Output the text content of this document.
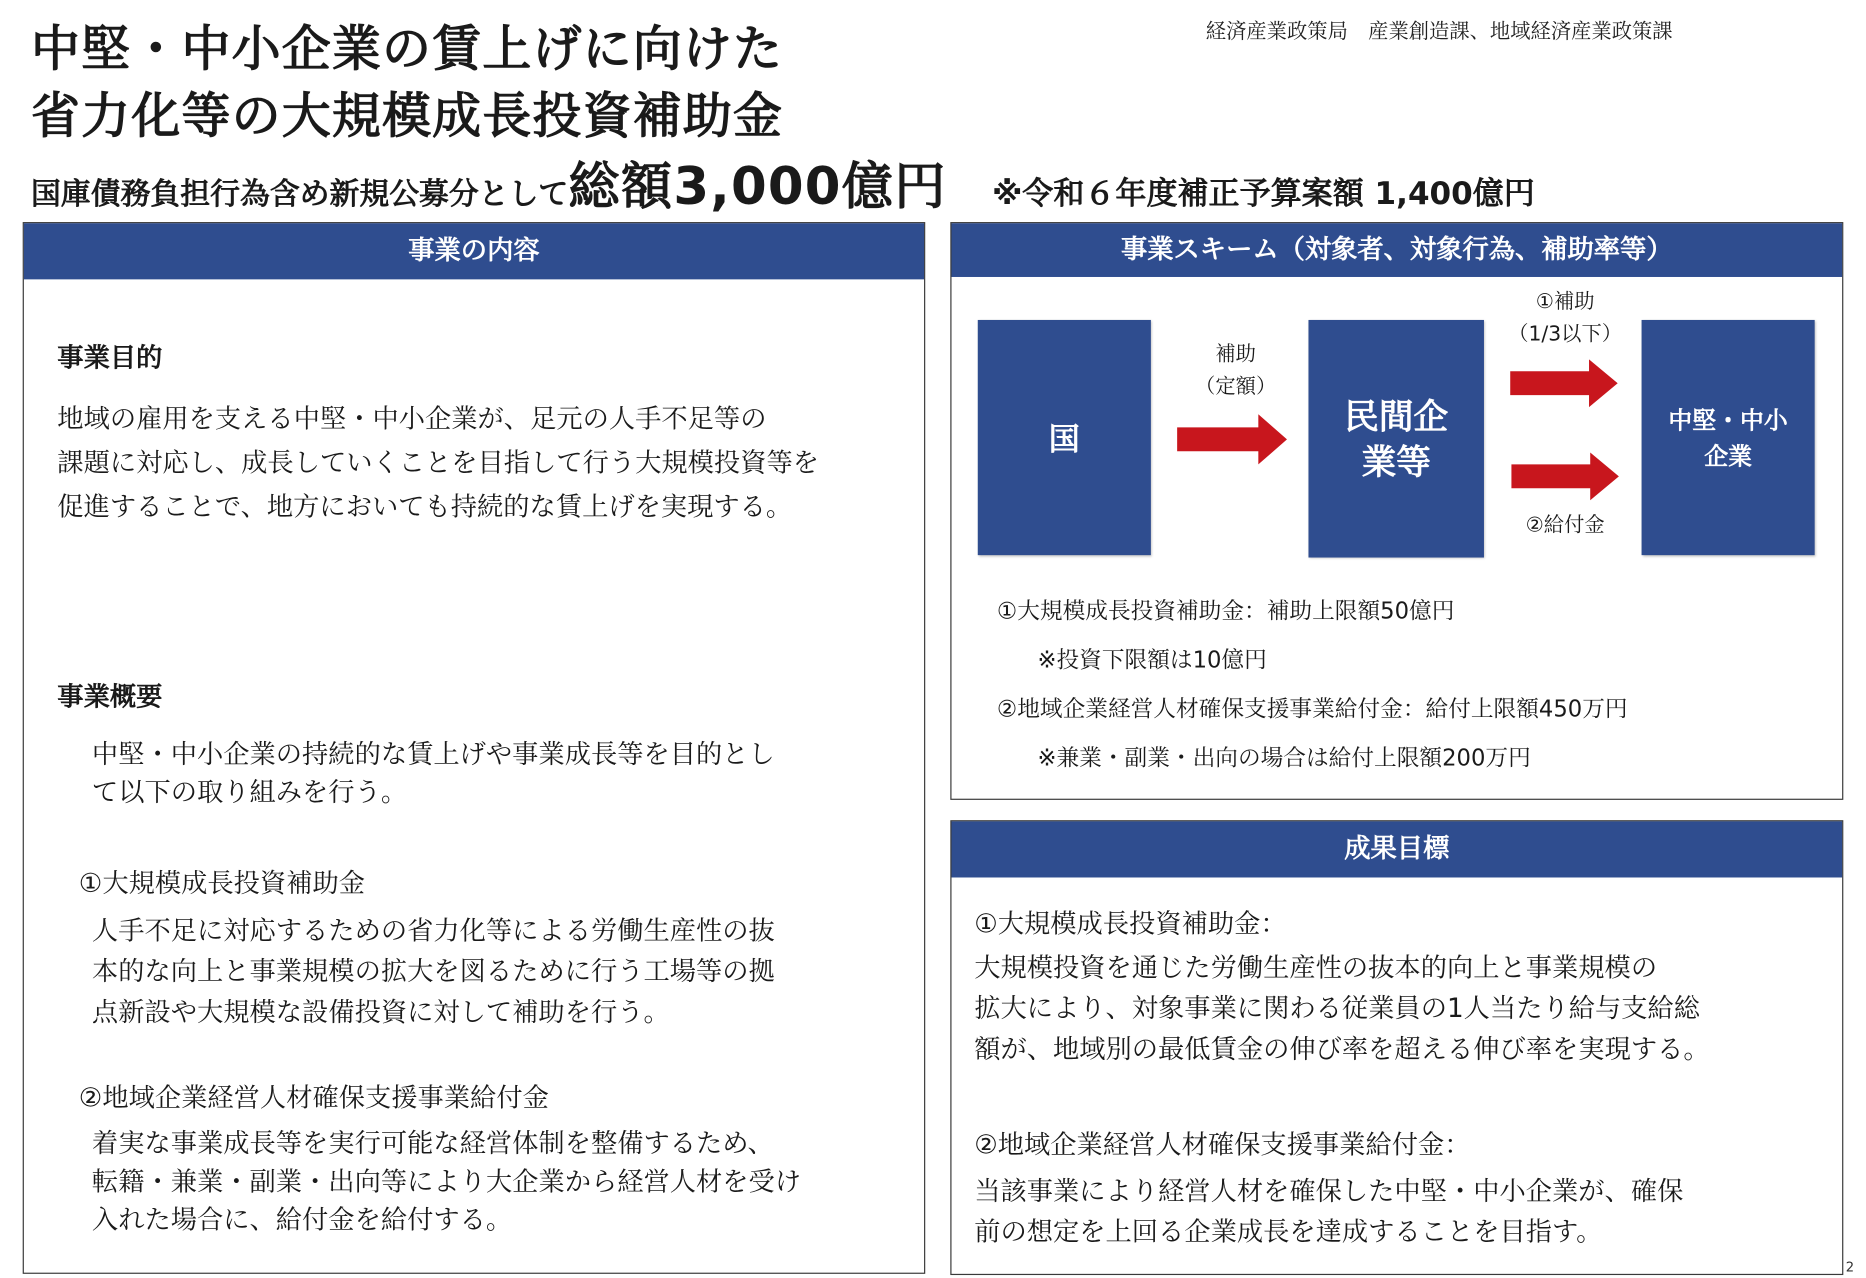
中堅・中小企業の賃上げに向けた
省力化等の大規模成長投資補助金
経済産業政策局　産業創造課、地域経済産業政策課
国庫債務負担行為含め新規公募分として総額3,000億円 ※令和６年度補正予算案額 1,400億円
事業の内容
事業目的
地域の雇用を支える中堅・中小企業が、足元の人手不足等の
課題に対応し、成長していくことを目指して行う大規模投資等を
促進することで、地方においても持続的な賃上げを実現する。
事業概要
中堅・中小企業の持続的な賃上げや事業成長等を目的とし
て以下の取り組みを行う。
①大規模成長投資補助金
人手不足に対応するための省力化等による労働生産性の抜
本的な向上と事業規模の拡大を図るために行う工場等の拠
点新設や大規模な設備投資に対して補助を行う。
②地域企業経営人材確保支援事業給付金
着実な事業成長等を実行可能な経営体制を整備するため、
転籍・兼業・副業・出向等により大企業から経営人材を受け
入れた場合に、給付金を給付する。
事業スキーム（対象者、対象行為、補助率等）
国
補助
（定額）
民間企
業等
①補助
（1/3以下）
②給付金
中堅・中小
企業
①大規模成長投資補助金：補助上限額50億円
※投資下限額は10億円
②地域企業経営人材確保支援事業給付金：給付上限額450万円
※兼業・副業・出向の場合は給付上限額200万円
成果目標
①大規模成長投資補助金：
大規模投資を通じた労働生産性の抜本的向上と事業規模の
拡大により、対象事業に関わる従業員の1人当たり給与支給総
額が、地域別の最低賃金の伸び率を超える伸び率を実現する。
②地域企業経営人材確保支援事業給付金：
当該事業により経営人材を確保した中堅・中小企業が、確保
前の想定を上回る企業成長を達成することを目指す。
2
